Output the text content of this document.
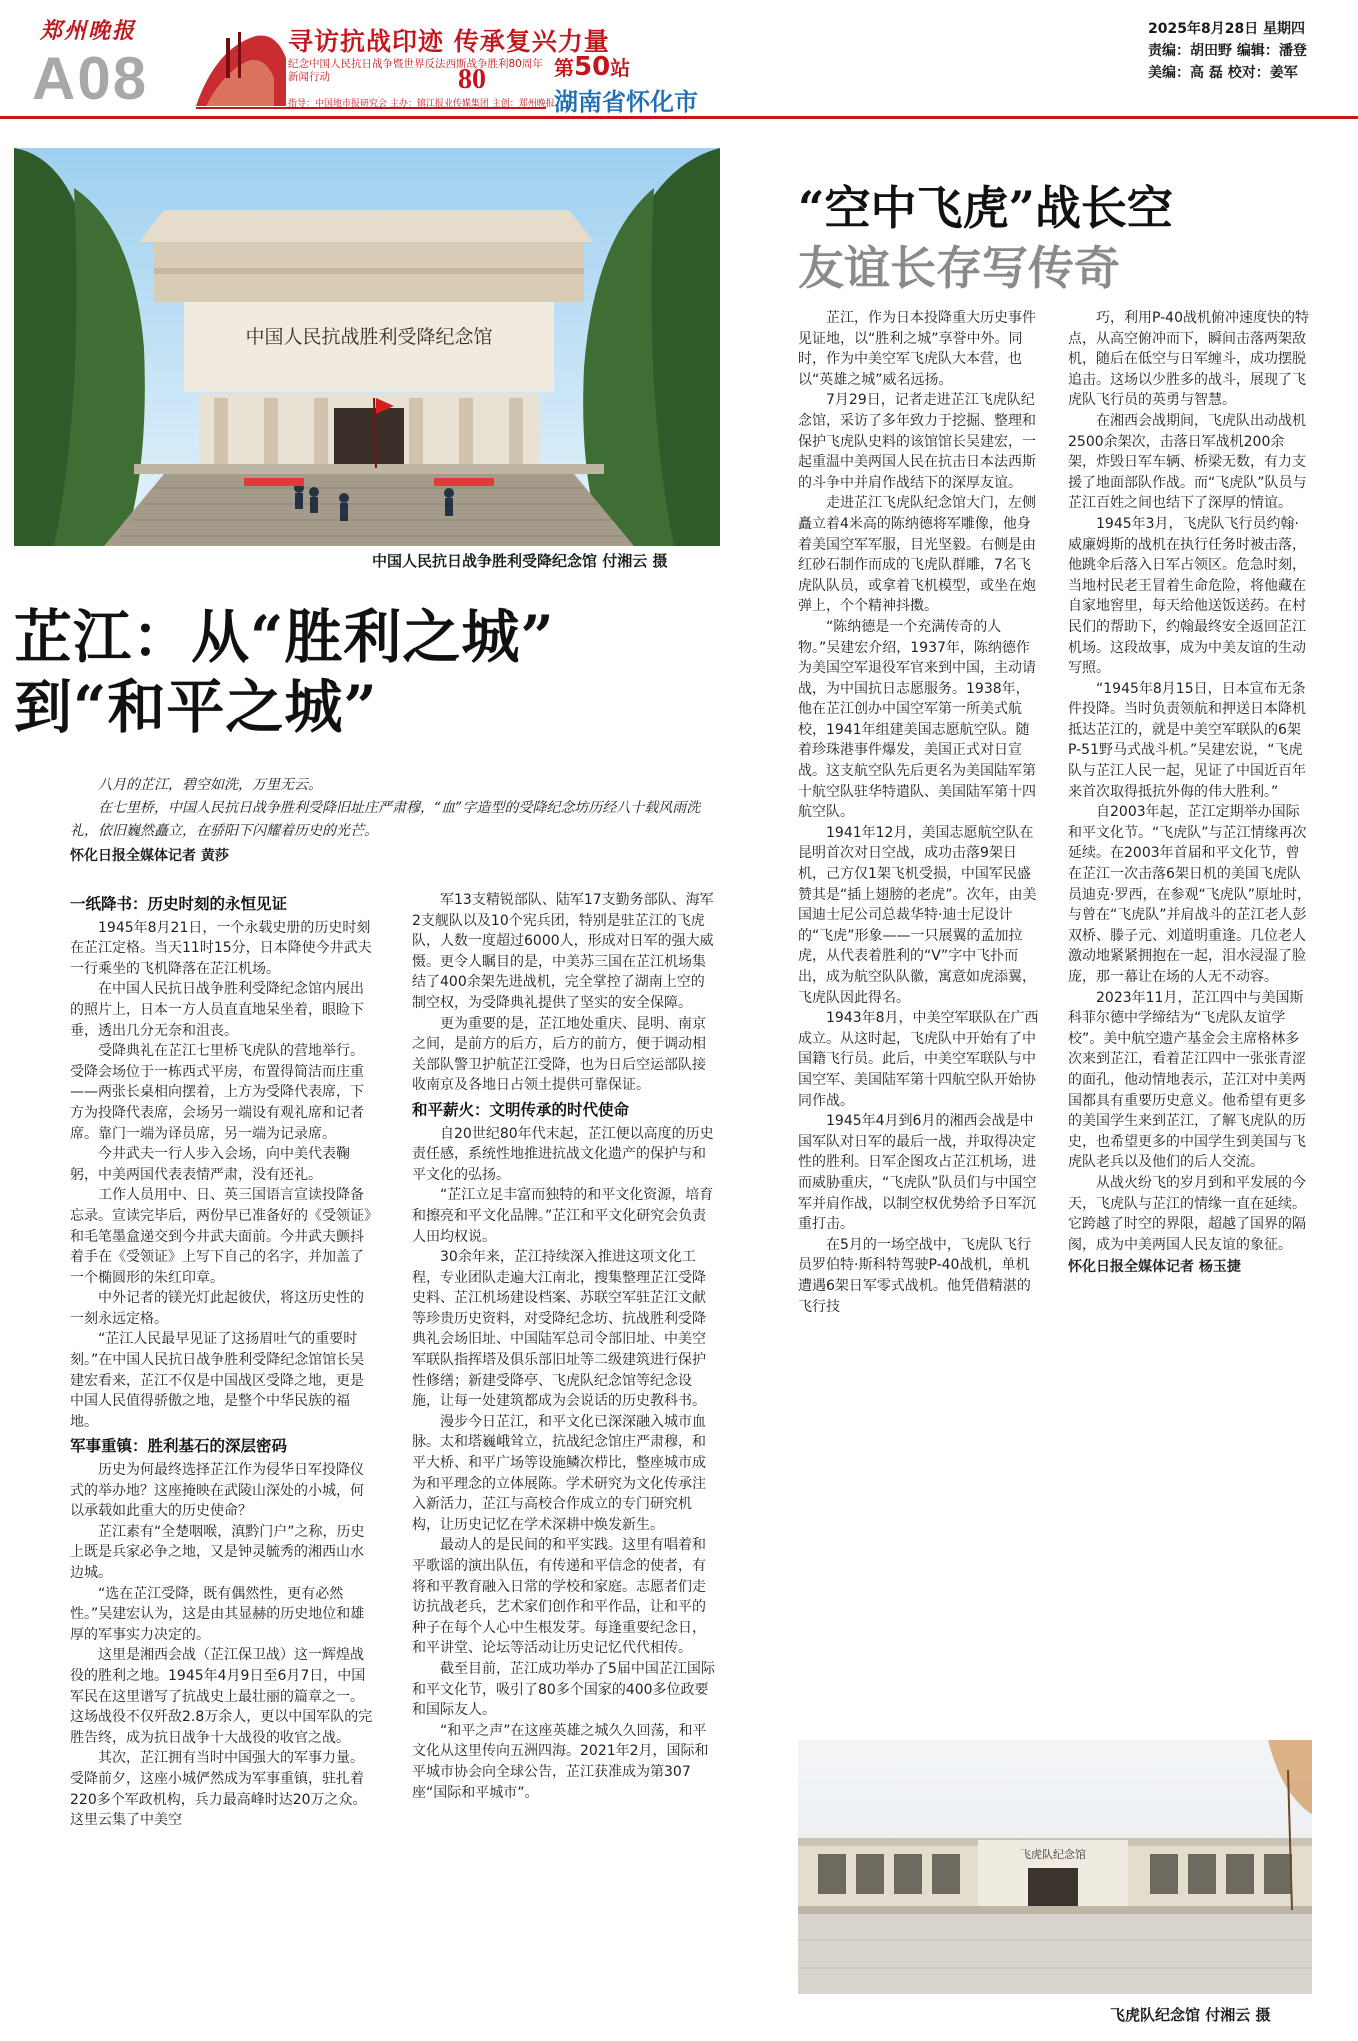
郑州晚报
A08
寻访抗战印迹 传承复兴力量
纪念中国人民抗日战争暨世界反法西斯战争胜利80周年新闻行动	80
指导：中国地市报研究会 主办：镇江报业传媒集团 主创：郑州晚报
第50站
湖南省怀化市
2025年8月28日 星期四
责编：胡田野 编辑：潘登
美编：高 磊 校对：姜军
中国人民抗战胜利受降纪念馆
中国人民抗日战争胜利受降纪念馆 付湘云 摄
芷江：从“胜利之城”
到“和平之城”

八月的芷江，碧空如洗，万里无云。

在七里桥，中国人民抗日战争胜利受降旧址庄严肃穆，“血”字造型的受降纪念坊历经八十载风雨洗礼，依旧巍然矗立，在骄阳下闪耀着历史的光芒。

怀化日报全媒体记者 黄莎

一纸降书：历史时刻的永恒见证

1945年8月21日，一个永载史册的历史时刻在芷江定格。当天11时15分，日本降使今井武夫一行乘坐的飞机降落在芷江机场。

在中国人民抗日战争胜利受降纪念馆内展出的照片上，日本一方人员直直地呆坐着，眼睑下垂，透出几分无奈和沮丧。

受降典礼在芷江七里桥飞虎队的营地举行。受降会场位于一栋西式平房，布置得简洁而庄重——两张长桌相向摆着，上方为受降代表席，下方为投降代表席，会场另一端设有观礼席和记者席。靠门一端为译员席，另一端为记录席。

今井武夫一行人步入会场，向中美代表鞠躬，中美两国代表表情严肃，没有还礼。

工作人员用中、日、英三国语言宣读投降备忘录。宣读完毕后，两份早已准备好的《受领证》和毛笔墨盒递交到今井武夫面前。今井武夫颤抖着手在《受领证》上写下自己的名字，并加盖了一个椭圆形的朱红印章。

中外记者的镁光灯此起彼伏，将这历史性的一刻永远定格。

“芷江人民最早见证了这扬眉吐气的重要时刻。”在中国人民抗日战争胜利受降纪念馆馆长吴建宏看来，芷江不仅是中国战区受降之地，更是中国人民值得骄傲之地，是整个中华民族的福地。

军事重镇：胜利基石的深层密码

历史为何最终选择芷江作为侵华日军投降仪式的举办地？这座掩映在武陵山深处的小城，何以承载如此重大的历史使命？

芷江素有“全楚咽喉，滇黔门户”之称，历史上既是兵家必争之地，又是钟灵毓秀的湘西山水边城。

“选在芷江受降，既有偶然性，更有必然性。”吴建宏认为，这是由其显赫的历史地位和雄厚的军事实力决定的。

这里是湘西会战（芷江保卫战）这一辉煌战役的胜利之地。1945年4月9日至6月7日，中国军民在这里谱写了抗战史上最壮丽的篇章之一。这场战役不仅歼敌2.8万余人，更以中国军队的完胜告终，成为抗日战争十大战役的收官之战。

其次，芷江拥有当时中国强大的军事力量。受降前夕，这座小城俨然成为军事重镇，驻扎着220多个军政机构，兵力最高峰时达20万之众。这里云集了中美空

军13支精锐部队、陆军17支勤务部队、海军2支舰队以及10个宪兵团，特别是驻芷江的飞虎队，人数一度超过6000人，形成对日军的强大威慑。更令人瞩目的是，中美苏三国在芷江机场集结了400余架先进战机，完全掌控了湖南上空的制空权，为受降典礼提供了坚实的安全保障。

更为重要的是，芷江地处重庆、昆明、南京之间，是前方的后方，后方的前方，便于调动相关部队警卫护航芷江受降，也为日后空运部队接收南京及各地日占领土提供可靠保证。

和平薪火：文明传承的时代使命

自20世纪80年代末起，芷江便以高度的历史责任感，系统性地推进抗战文化遗产的保护与和平文化的弘扬。

“芷江立足丰富而独特的和平文化资源，培育和擦亮和平文化品牌。”芷江和平文化研究会负责人田均权说。

30余年来，芷江持续深入推进这项文化工程，专业团队走遍大江南北，搜集整理芷江受降史料、芷江机场建设档案、苏联空军驻芷江文献等珍贵历史资料，对受降纪念坊、抗战胜利受降典礼会场旧址、中国陆军总司令部旧址、中美空军联队指挥塔及俱乐部旧址等二级建筑进行保护性修缮；新建受降亭、飞虎队纪念馆等纪念设施，让每一处建筑都成为会说话的历史教科书。

漫步今日芷江，和平文化已深深融入城市血脉。太和塔巍峨耸立，抗战纪念馆庄严肃穆，和平大桥、和平广场等设施鳞次栉比，整座城市成为和平理念的立体展陈。学术研究为文化传承注入新活力，芷江与高校合作成立的专门研究机构，让历史记忆在学术深耕中焕发新生。

最动人的是民间的和平实践。这里有唱着和平歌谣的演出队伍，有传递和平信念的使者，有将和平教育融入日常的学校和家庭。志愿者们走访抗战老兵，艺术家们创作和平作品，让和平的种子在每个人心中生根发芽。每逢重要纪念日，和平讲堂、论坛等活动让历史记忆代代相传。

截至目前，芷江成功举办了5届中国芷江国际和平文化节，吸引了80多个国家的400多位政要和国际友人。

“和平之声”在这座英雄之城久久回荡，和平文化从这里传向五洲四海。2021年2月，国际和平城市协会向全球公告，芷江获准成为第307座“国际和平城市”。

“空中飞虎”战长空
友谊长存写传奇

芷江，作为日本投降重大历史事件见证地，以“胜利之城”享誉中外。同时，作为中美空军飞虎队大本营，也以“英雄之城”威名远扬。

7月29日，记者走进芷江飞虎队纪念馆，采访了多年致力于挖掘、整理和保护飞虎队史料的该馆馆长吴建宏，一起重温中美两国人民在抗击日本法西斯的斗争中并肩作战结下的深厚友谊。

走进芷江飞虎队纪念馆大门，左侧矗立着4米高的陈纳德将军雕像，他身着美国空军军服，目光坚毅。右侧是由红砂石制作而成的飞虎队群雕，7名飞虎队队员，或拿着飞机模型，或坐在炮弹上，个个精神抖擞。

“陈纳德是一个充满传奇的人物。”吴建宏介绍，1937年，陈纳德作为美国空军退役军官来到中国，主动请战，为中国抗日志愿服务。1938年，他在芷江创办中国空军第一所美式航校，1941年组建美国志愿航空队。随着珍珠港事件爆发，美国正式对日宣战。这支航空队先后更名为美国陆军第十航空队驻华特遣队、美国陆军第十四航空队。

1941年12月，美国志愿航空队在昆明首次对日空战，成功击落9架日机，己方仅1架飞机受损，中国军民盛赞其是“插上翅膀的老虎”。次年，由美国迪士尼公司总裁华特·迪士尼设计的“飞虎”形象——一只展翼的孟加拉虎，从代表着胜利的“V”字中飞扑而出，成为航空队队徽，寓意如虎添翼，飞虎队因此得名。

1943年8月，中美空军联队在广西成立。从这时起，飞虎队中开始有了中国籍飞行员。此后，中美空军联队与中国空军、美国陆军第十四航空队开始协同作战。

1945年4月到6月的湘西会战是中国军队对日军的最后一战，并取得决定性的胜利。日军企图攻占芷江机场，进而威胁重庆，“飞虎队”队员们与中国空军并肩作战，以制空权优势给予日军沉重打击。

在5月的一场空战中，飞虎队飞行员罗伯特·斯科特驾驶P-40战机，单机遭遇6架日军零式战机。他凭借精湛的飞行技

巧，利用P-40战机俯冲速度快的特点，从高空俯冲而下，瞬间击落两架敌机，随后在低空与日军缠斗，成功摆脱追击。这场以少胜多的战斗，展现了飞虎队飞行员的英勇与智慧。

在湘西会战期间，飞虎队出动战机2500余架次，击落日军战机200余架，炸毁日军车辆、桥梁无数，有力支援了地面部队作战。而“飞虎队”队员与芷江百姓之间也结下了深厚的情谊。

1945年3月，飞虎队飞行员约翰·威廉姆斯的战机在执行任务时被击落，他跳伞后落入日军占领区。危急时刻，当地村民老王冒着生命危险，将他藏在自家地窖里，每天给他送饭送药。在村民们的帮助下，约翰最终安全返回芷江机场。这段故事，成为中美友谊的生动写照。

“1945年8月15日，日本宣布无条件投降。当时负责领航和押送日本降机抵达芷江的，就是中美空军联队的6架P-51野马式战斗机。”吴建宏说，“飞虎队与芷江人民一起，见证了中国近百年来首次取得抵抗外侮的伟大胜利。”

自2003年起，芷江定期举办国际和平文化节。“飞虎队”与芷江情缘再次延续。在2003年首届和平文化节，曾在芷江一次击落6架日机的美国飞虎队员迪克·罗西，在参观“飞虎队”原址时，与曾在“飞虎队”并肩战斗的芷江老人彭双桥、滕子元、刘道明重逢。几位老人激动地紧紧拥抱在一起，泪水浸湿了脸庞，那一幕让在场的人无不动容。

2023年11月，芷江四中与美国斯科菲尔德中学缔结为“飞虎队友谊学校”。美中航空遗产基金会主席格林多次来到芷江，看着芷江四中一张张青涩的面孔，他动情地表示，芷江对中美两国都具有重要历史意义。他希望有更多的美国学生来到芷江，了解飞虎队的历史，也希望更多的中国学生到美国与飞虎队老兵以及他们的后人交流。

从战火纷飞的岁月到和平发展的今天，飞虎队与芷江的情缘一直在延续。它跨越了时空的界限，超越了国界的隔阂，成为中美两国人民友谊的象征。

怀化日报全媒体记者 杨玉捷

飞虎队纪念馆
飞虎队纪念馆 付湘云 摄
